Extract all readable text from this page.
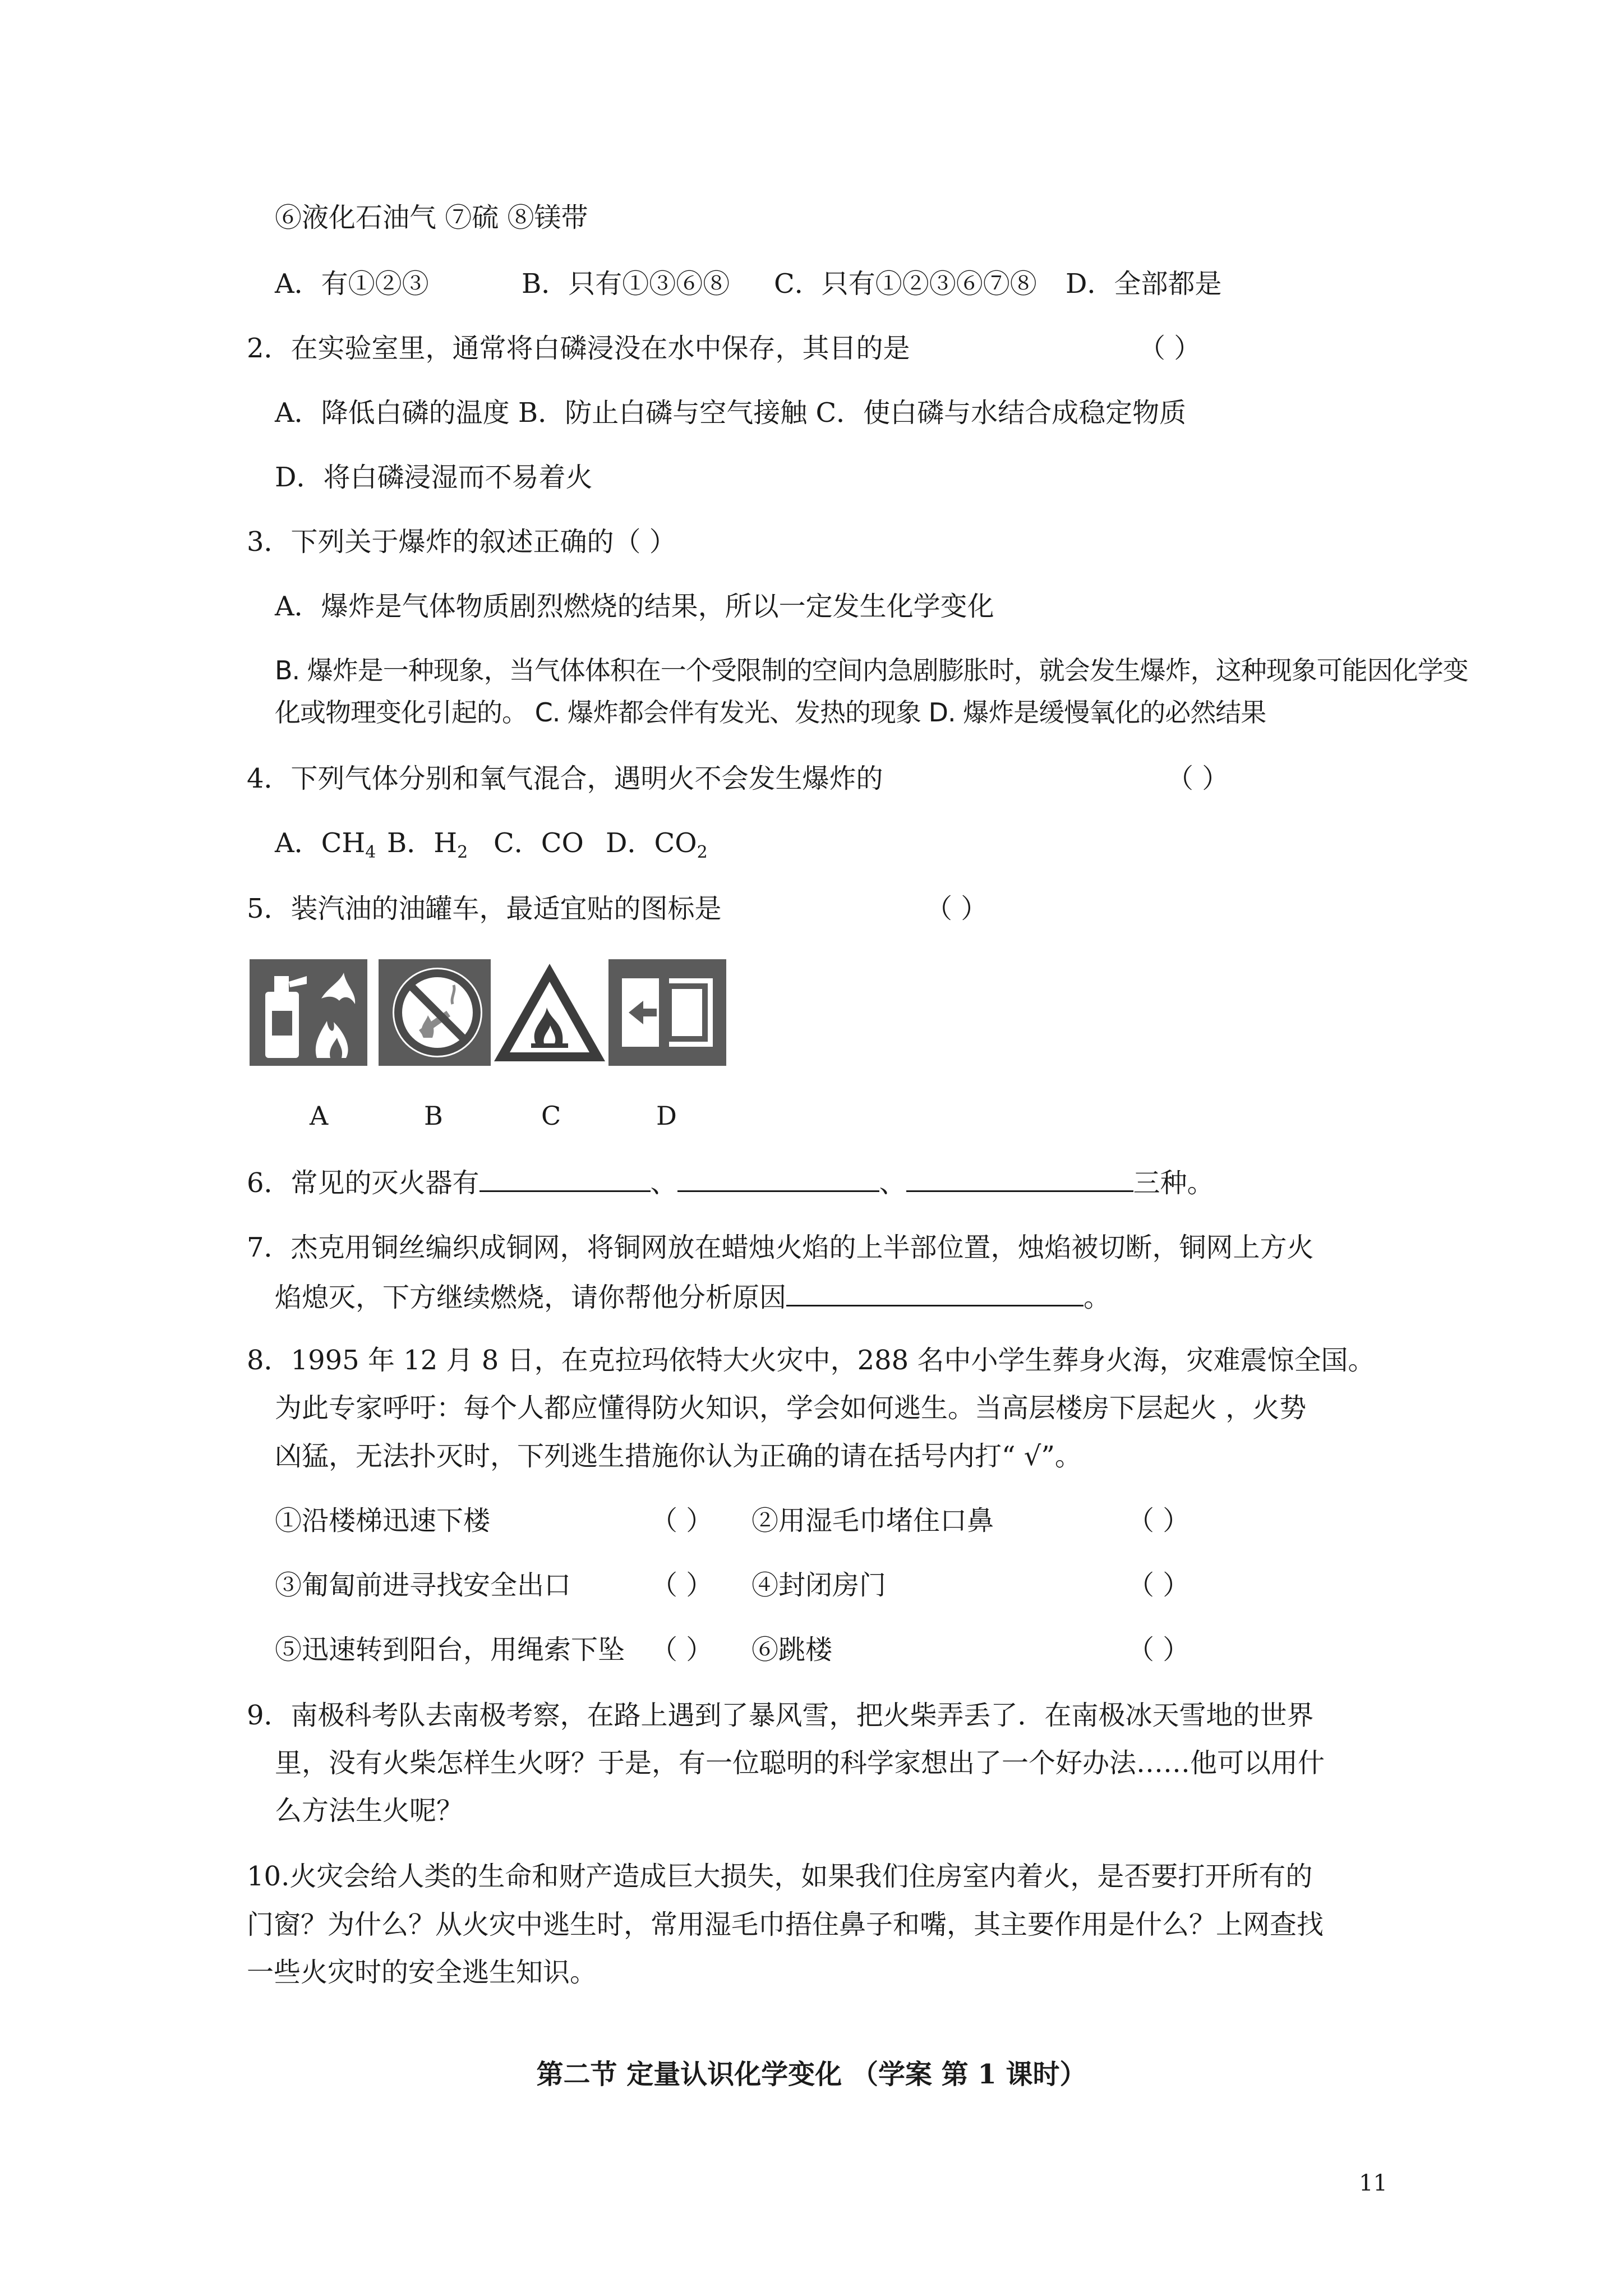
⑥液化石油气 ⑦硫 ⑧镁带
A．有①②③	B．只有①③⑥⑧ C．只有①②③⑥⑦⑧ D．全部都是
2．在实验室里，通常将白磷浸没在水中保存，其目的是	（ ）
A．降低白磷的温度 B．防止白磷与空气接触 C．使白磷与水结合成稳定物质
D．将白磷浸湿而不易着火
3．下列关于爆炸的叙述正确的（ ）
A．爆炸是气体物质剧烈燃烧的结果，所以一定发生化学变化
B. 爆炸是一种现象，当气体体积在一个受限制的空间内急剧膨胀时，就会发生爆炸，这种现象可能因化学变
化或物理变化引起的。 C. 爆炸都会伴有发光、发热的现象 D. 爆炸是缓慢氧化的必然结果
4．下列气体分别和氧气混合，遇明火不会发生爆炸的	（ ）
A．$CH_4$ B．$H_2$ C．CO D．$CO_2$
5．装汽油的油罐车，最适宜贴的图标是	（ ）
A	B	C	D
6．常见的灭火器有	、	、	三种。
7．杰克用铜丝编织成铜网，将铜网放在蜡烛火焰的上半部位置，烛焰被切断，铜网上方火
焰熄灭，下方继续燃烧，请你帮他分析原因	。
8．1995 年 12 月 8 日，在克拉玛依特大火灾中，288 名中小学生葬身火海，灾难震惊全国。
为此专家呼吁：每个人都应懂得防火知识，学会如何逃生。当高层楼房下层起火 ，火势
凶猛，无法扑灭时，下列逃生措施你认为正确的请在括号内打“ √”。
①沿楼梯迅速下楼	（ ） ②用湿毛巾堵住口鼻	（ ）
③匍匐前进寻找安全出口	（ ） ④封闭房门	（ ）
⑤迅速转到阳台，用绳索下坠 （ ） ⑥跳楼	（ ）
9．南极科考队去南极考察，在路上遇到了暴风雪，把火柴弄丢了．在南极冰天雪地的世界
里，没有火柴怎样生火呀？于是，有一位聪明的科学家想出了一个好办法……他可以用什
么方法生火呢？
10.火灾会给人类的生命和财产造成巨大损失，如果我们住房室内着火，是否要打开所有的
门窗？为什么？从火灾中逃生时，常用湿毛巾捂住鼻子和嘴，其主要作用是什么？上网查找
一些火灾时的安全逃生知识。
第二节 定量认识化学变化 （学案 第 1 课时）
11
